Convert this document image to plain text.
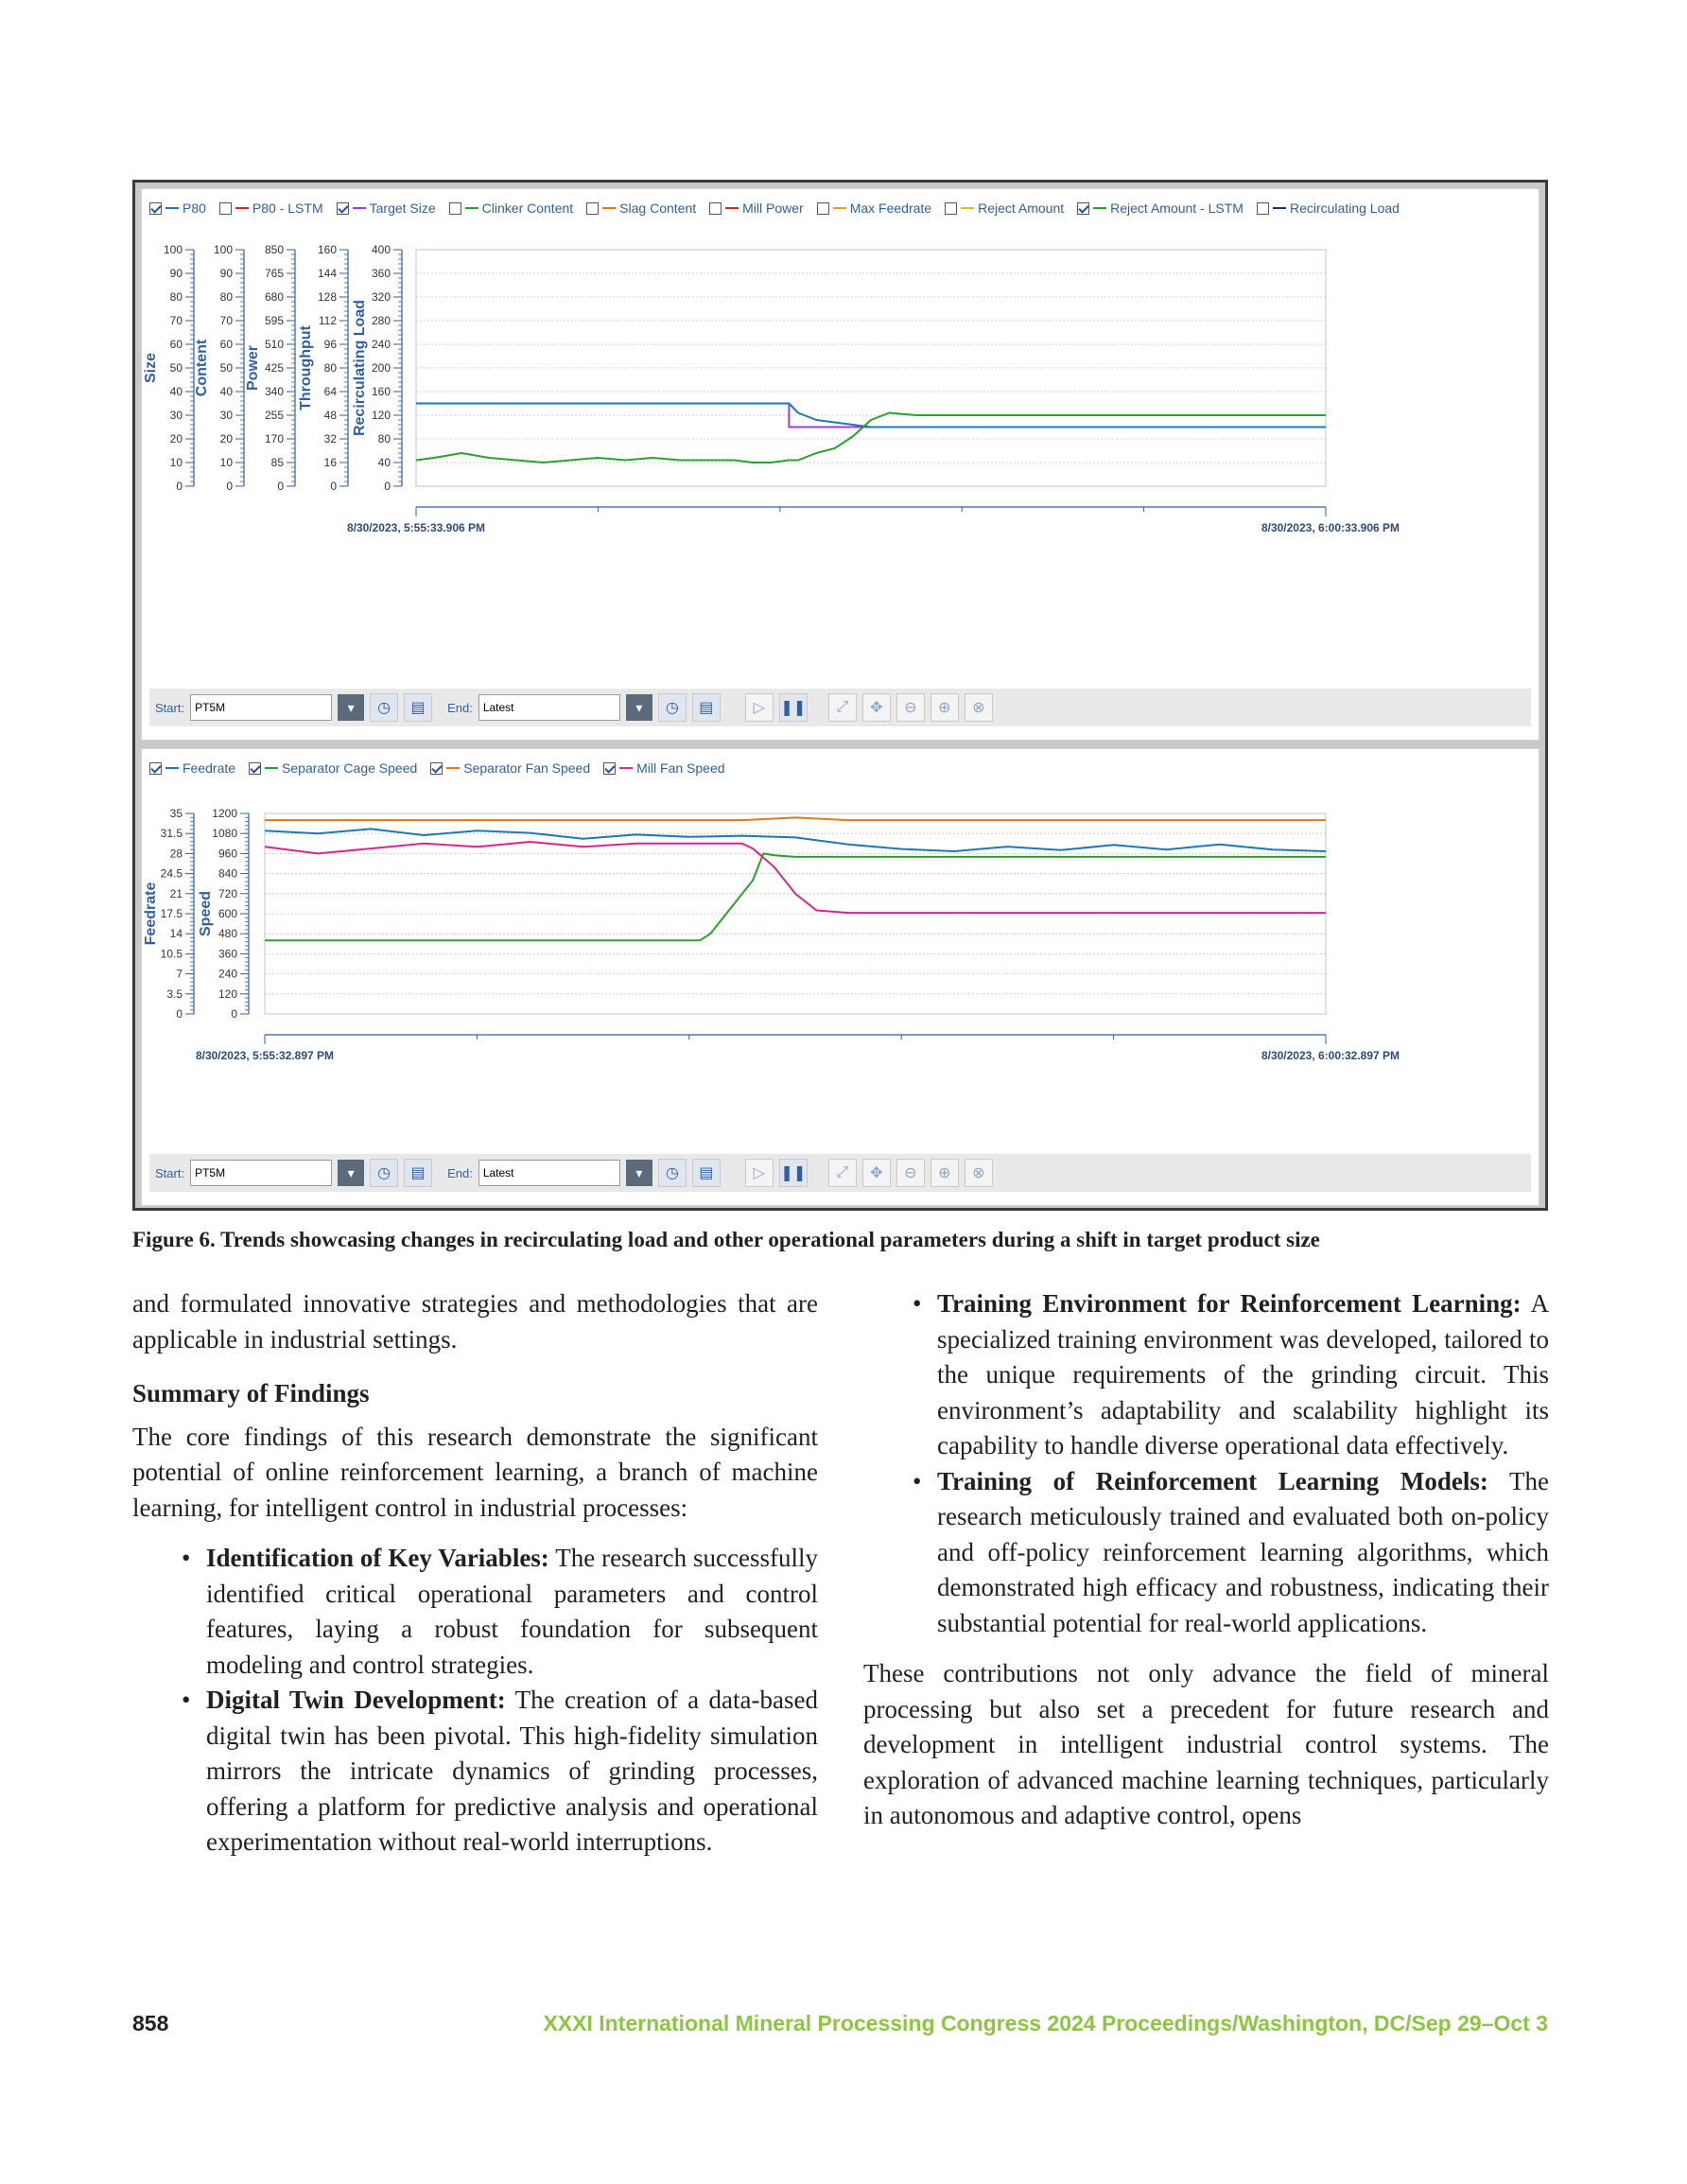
P80	P80 - LSTM	Target Size	Clinker Content	Slag Content	Mill Power	Max Feedrate	Reject Amount	Reject Amount - LSTM	Recirculating Load
100
90
80
70
60
50
40
30
20
10
0
Size
100
90
80
70
60
50
40
30
20
10
0
Content
850
765
680
595
510
425
340
255
170
85
0
Power
160
144
128
112
96
80
64
48
32
16
0
Throughput
400
360
320
280
240
200
160
120
80
40
0
Recirculating Load
8/30/2023, 5:55:33.906 PM	8/30/2023, 6:00:33.906 PM
Start: PT5M	▾	◷	▤	End: Latest	▾	◷	▤	▷	❚❚	⤢	✥	⊖	⊕	⊗
Feedrate	Separator Cage Speed	Separator Fan Speed	Mill Fan Speed
35
31.5
28
24.5
21
17.5
14
10.5
7
3.5
0
Feedrate
1200
1080
960
840
720
600
480
360
240
120
0
Speed
8/30/2023, 5:55:32.897 PM	8/30/2023, 6:00:32.897 PM
Start: PT5M	▾	◷	▤	End: Latest	▾	◷	▤	▷	❚❚	⤢	✥	⊖	⊕	⊗
Figure 6. Trends showcasing changes in recirculating load and other operational parameters during a shift in target product size

and formulated innovative strategies and methodologies that are applicable in industrial settings.

Summary of Findings

The core findings of this research demonstrate the significant potential of online reinforcement learning, a branch of machine learning, for intelligent control in industrial processes:

• Identification of Key Variables: The research successfully identified critical operational parameters and control features, laying a robust foundation for subsequent modeling and control strategies.
• Digital Twin Development: The creation of a data-based digital twin has been pivotal. This high-fidelity simulation mirrors the intricate dynamics of grinding processes, offering a platform for predictive analysis and operational experimentation without real-world interruptions.
• Training Environment for Reinforcement Learning: A specialized training environment was developed, tailored to the unique requirements of the grinding circuit. This environment’s adaptability and scalability highlight its capability to handle diverse operational data effectively.
• Training of Reinforcement Learning Models: The research meticulously trained and evaluated both on-policy and off-policy reinforcement learning algorithms, which demonstrated high efficacy and robustness, indicating their substantial potential for real-world applications.

These contributions not only advance the field of mineral processing but also set a precedent for future research and development in intelligent industrial control systems. The exploration of advanced machine learning techniques, particularly in autonomous and adaptive control, opens

858	XXXI International Mineral Processing Congress 2024 Proceedings/Washington, DC/Sep 29–Oct 3
